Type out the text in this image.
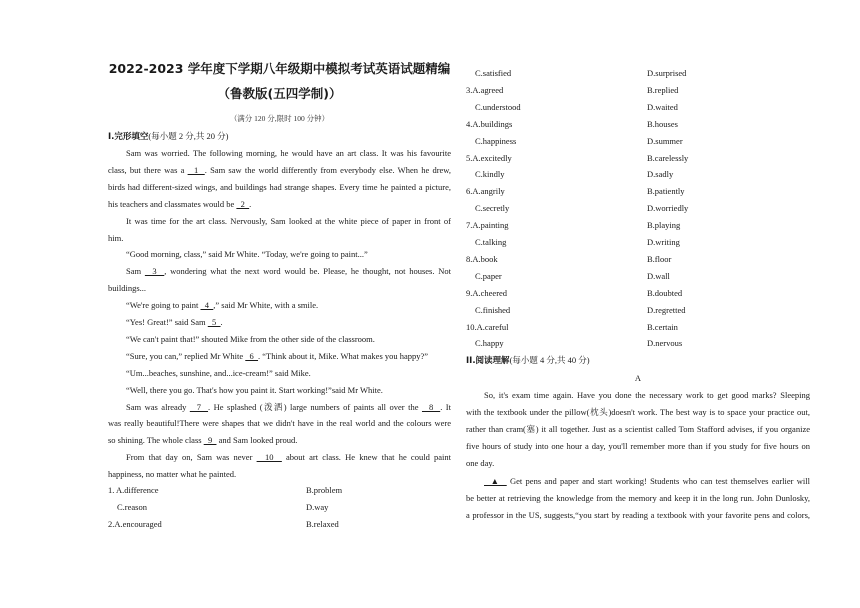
2022-2023 学年度下学期八年级期中模拟考试英语试题精编
（鲁教版(五四学制)）
（满分 120 分,限时 100 分钟）
I.完形填空(每小题 2 分,共 20 分)
Sam was worried. The following morning, he would have an art class. It was his favourite
class, but there was a   1  . Sam saw the world differently from everybody else. When he drew,
birds had different-sized wings, and buildings had strange shapes. Every time he painted a picture,
his teachers and classmates would be   2  .
It was time for the art class. Nervously, Sam looked at the white piece of paper in front of
him.
“Good morning, class,” said Mr White. “Today, we're going to paint...”
Sam   3  , wondering what the next word would be. Please, he thought, not houses. Not
buildings...
“We're going to paint   4  ,” said Mr White, with a smile.
“Yes! Great!” said Sam   5  .
“We can't paint that!” shouted Mike from the other side of the classroom.
“Sure, you can,” replied Mr White   6  . “Think about it, Mike. What makes you happy?”
“Um...beaches, sunshine, and...ice-cream!” said Mike.
“Well, there you go. That's how you paint it. Start working!”said Mr White.
Sam was already   7  . He splashed (泼洒) large numbers of paints all over the   8  . It
was really beautiful!There were shapes that we didn't have in the real world and the colours were
so shining. The whole class   9   and Sam looked proud.
From that day on, Sam was never   10   about art class. He knew that he could paint
happiness, no matter what he painted.
1. A.difference	B.problem
C.reason	D.way
2.A.encouraged	B.relaxed
C.satisfied	D.surprised
3.A.agreed	B.replied
C.understood	D.waited
4.A.buildings	B.houses
C.happiness	D.summer
5.A.excitedly	B.carelessly
C.kindly	D.sadly
6.A.angrily	B.patiently
C.secretly	D.worriedly
7.A.painting	B.playing
C.talking	D.writing
8.A.book	B.floor
C.paper	D.wall
9.A.cheered	B.doubted
C.finished	D.regretted
10.A.careful	B.certain
C.happy	D.nervous
II.阅读理解(每小题 4 分,共 40 分)
A
So, it's exam time again. Have you done the necessary work to get good marks? Sleeping
with the textbook under the pillow(枕头)doesn't work. The best way is to space your practice out,
rather than cram(塞) it all together. Just as a scientist called Tom Stafford advises, if you organize
five hours of study into one hour a day, you'll remember more than if you study for five hours on
one day.
▲   Get pens and paper and start working! Students who can test themselves earlier will
be better at retrieving the knowledge from the memory and keep it in the long run. John Dunlosky,
a professor in the US, suggests,“you start by reading a textbook with your favorite pens and colors,
